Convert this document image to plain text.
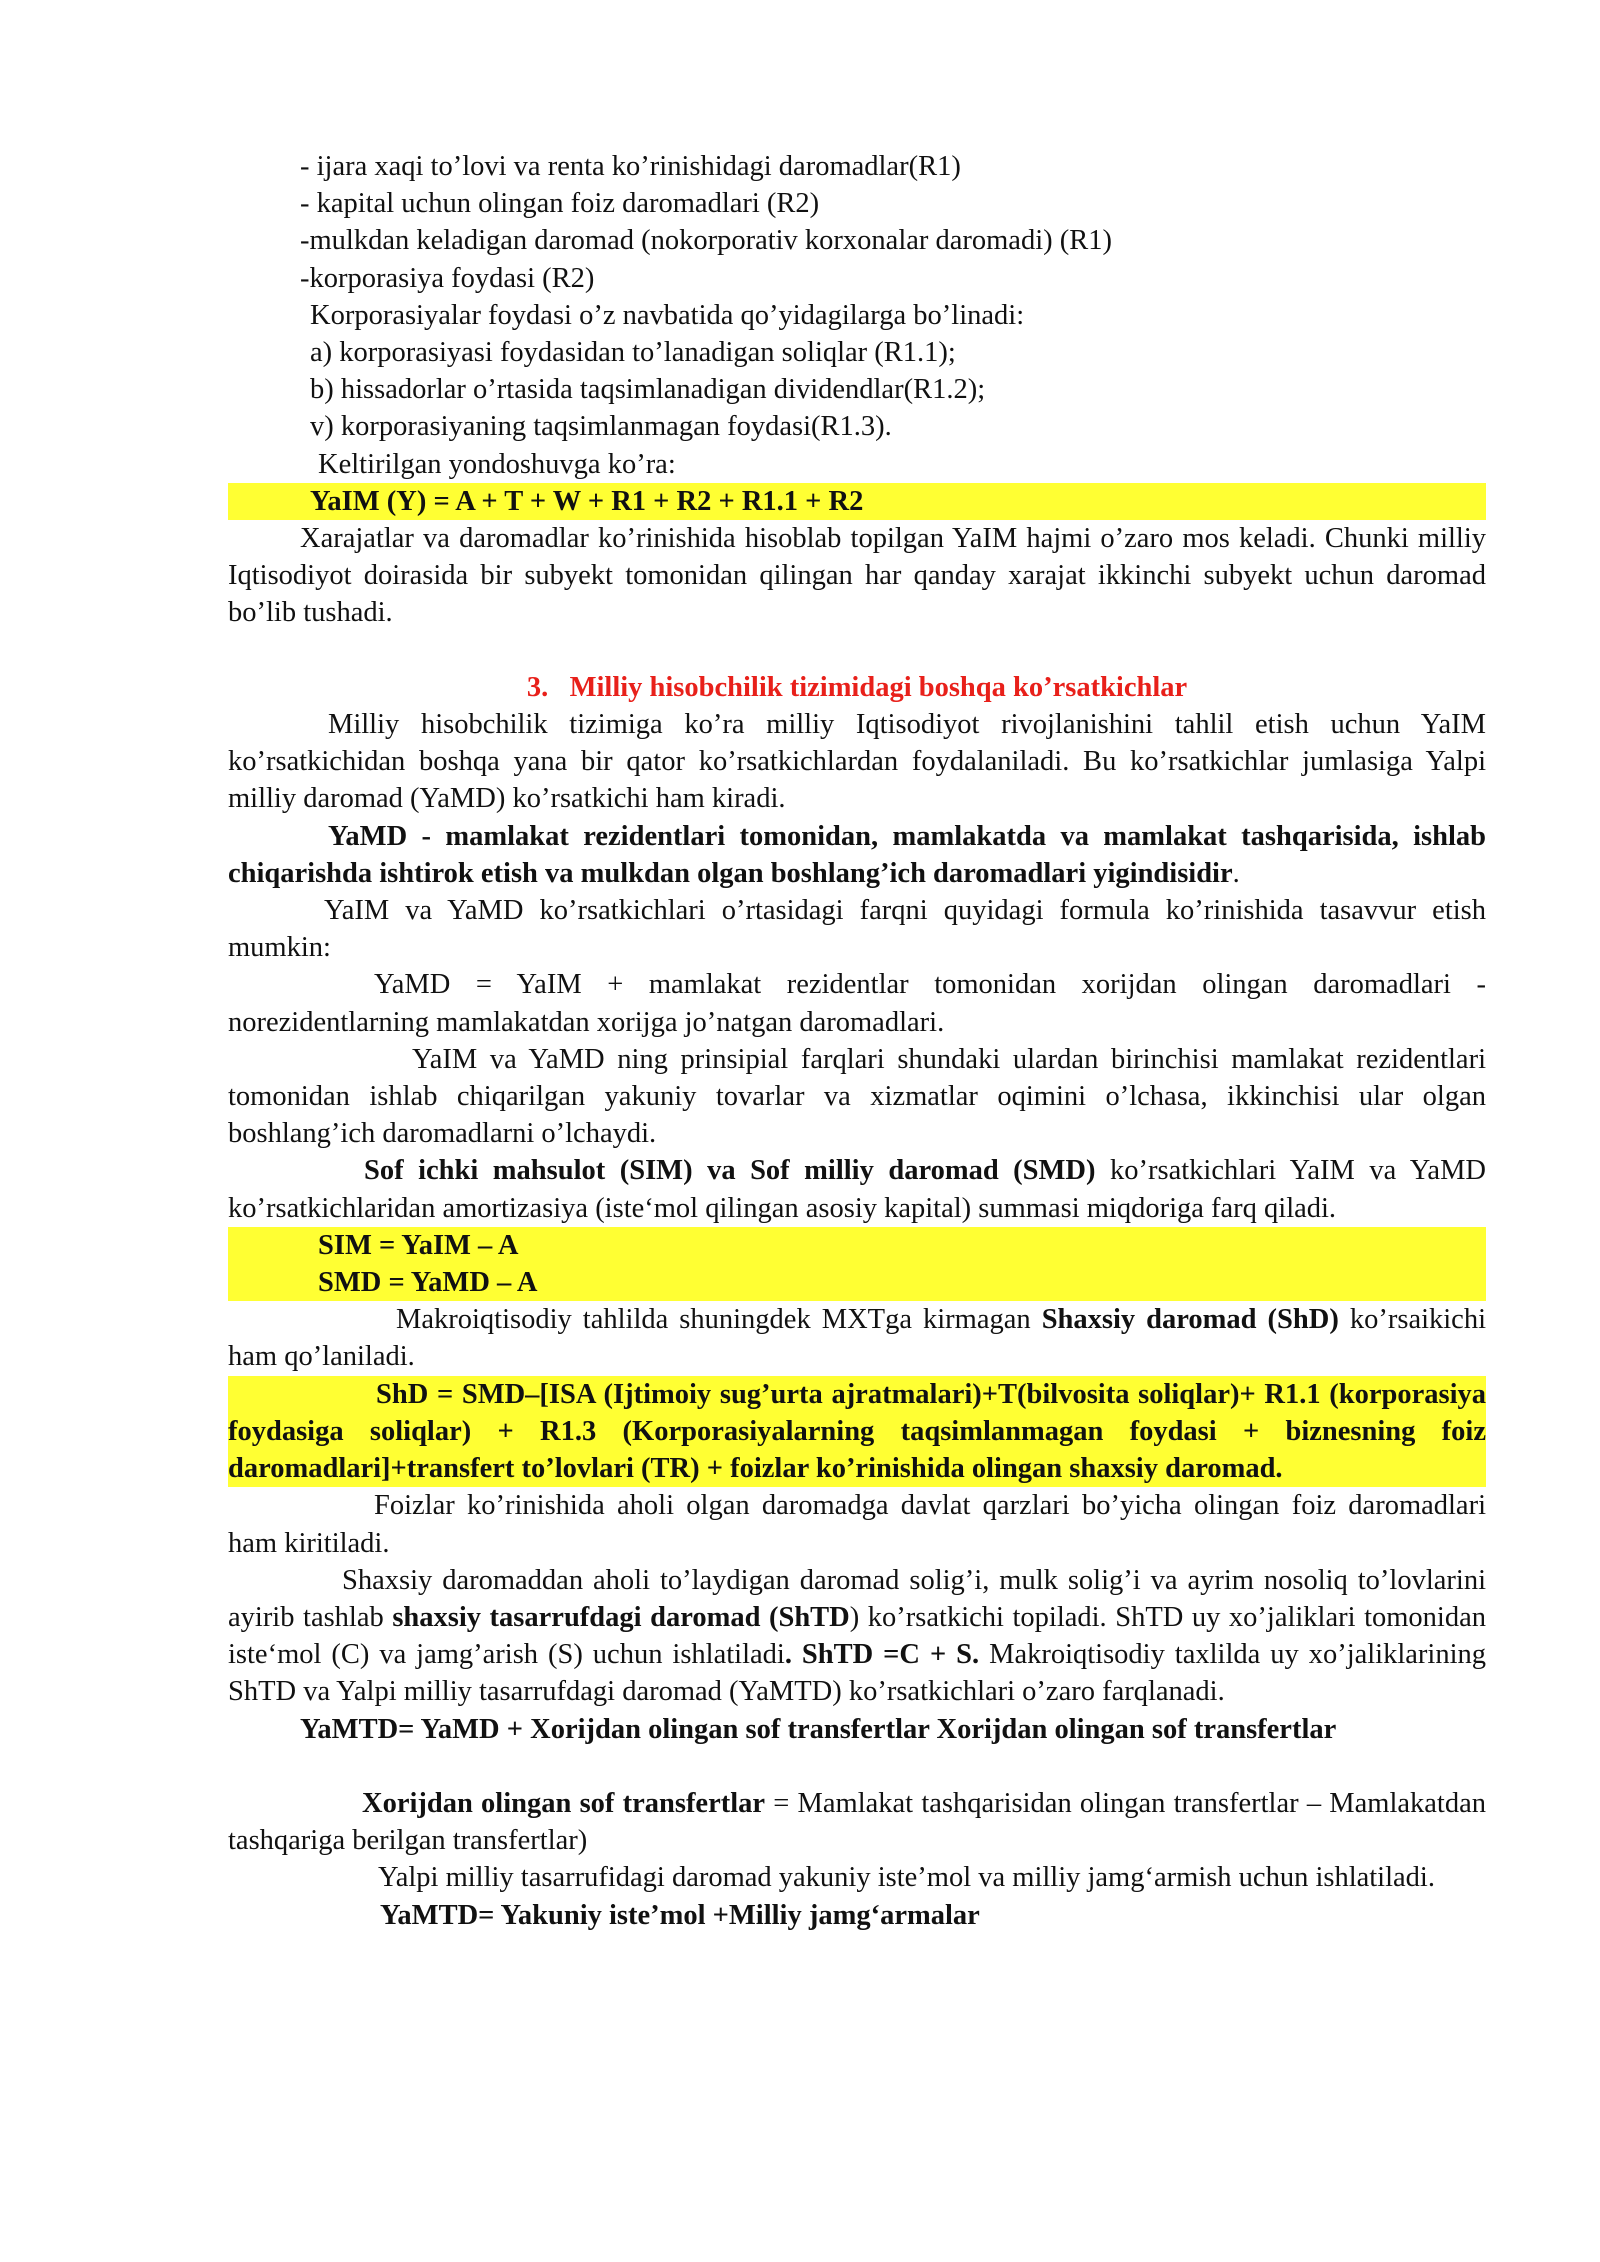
- ijara xaqi to’lovi va renta ko’rinishidagi daromadlar(R1)
- kapital uchun olingan foiz daromadlari (R2)
-mulkdan keladigan daromad (nokorporativ korxonalar daromadi) (R1)
-korporasiya foydasi (R2)
Korporasiyalar foydasi o’z navbatida qo’yidagilarga bo’linadi:
a) korporasiyasi foydasidan to’lanadigan soliqlar (R1.1);
b) hissadorlar o’rtasida taqsimlanadigan dividendlar(R1.2);
v) korporasiyaning taqsimlanmagan foydasi(R1.3).
Keltirilgan yondoshuvga ko’ra:
YaIM (Y) = A + T + W + R1 + R2 + R1.1 + R2

Xarajatlar va daromadlar ko’rinishida hisoblab topilgan YaIM hajmi o’zaro mos keladi. Chunki milliy Iqtisodiyot doirasida bir subyekt tomonidan qilingan har qanday xarajat ikkinchi subyekt uchun daromad bo’lib tushadi.

3. Milliy hisobchilik tizimidagi boshqa ko’rsatkichlar

Milliy hisobchilik tizimiga ko’ra milliy Iqtisodiyot rivojlanishini tahlil etish uchun YaIM ko’rsatkichidan boshqa yana bir qator ko’rsatkichlardan foydalaniladi. Bu ko’rsatkichlar jumlasiga Yalpi milliy daromad (YaMD) ko’rsatkichi ham kiradi.

YaMD - mamlakat rezidentlari tomonidan, mamlakatda va mamlakat tashqarisida, ishlab chiqarishda ishtirok etish va mulkdan olgan boshlang’ich daromadlari yigindisidir.

YaIM va YaMD ko’rsatkichlari o’rtasidagi farqni quyidagi formula ko’rinishida tasavvur etish mumkin:

YaMD = YaIM + mamlakat rezidentlar tomonidan xorijdan olingan daromadlari - norezidentlarning mamlakatdan xorijga jo’natgan daromadlari.

YaIM va YaMD ning prinsipial farqlari shundaki ulardan birinchisi mamlakat rezidentlari tomonidan ishlab chiqarilgan yakuniy tovarlar va xizmatlar oqimini o’lchasa, ikkinchisi ular olgan boshlang’ich daromadlarni o’lchaydi.

Sof ichki mahsulot (SIM) va Sof milliy daromad (SMD) ko’rsatkichlari YaIM va YaMD ko’rsatkichlaridan amortizasiya (iste‘mol qilingan asosiy kapital) summasi miqdoriga farq qiladi.

SIM = YaIM – A
SMD = YaMD – A

Makroiqtisodiy tahlilda shuningdek MXTga kirmagan Shaxsiy daromad (ShD) ko’rsaikichi ham qo’laniladi.

ShD = SMD–[ISA (Ijtimoiy sug’urta ajratmalari)+T(bilvosita soliqlar)+ R1.1 (korporasiya foydasiga soliqlar) + R1.3 (Korporasiyalarning taqsimlanmagan foydasi + biznesning foiz daromadlari]+transfert to’lovlari (TR) + foizlar ko’rinishida olingan shaxsiy daromad.

Foizlar ko’rinishida aholi olgan daromadga davlat qarzlari bo’yicha olingan foiz daromadlari ham kiritiladi.

Shaxsiy daromaddan aholi to’laydigan daromad solig’i, mulk solig’i va ayrim nosoliq to’lovlarini ayirib tashlab shaxsiy tasarrufdagi daromad (ShTD) ko’rsatkichi topiladi. ShTD uy xo’jaliklari tomonidan iste‘mol (C) va jamg’arish (S) uchun ishlatiladi. ShTD =C + S. Makroiqtisodiy taxlilda uy xo’jaliklarining ShTD va Yalpi milliy tasarrufdagi daromad (YaMTD) ko’rsatkichlari o’zaro farqlanadi.

YaMTD= YaMD + Xorijdan olingan sof transfertlar Xorijdan olingan sof transfertlar

Xorijdan olingan sof transfertlar = Mamlakat tashqarisidan olingan transfertlar – Mamlakatdan tashqariga berilgan transfertlar)

Yalpi milliy tasarrufidagi daromad yakuniy iste’mol va milliy jamg‘armish uchun ishlatiladi.

YaMTD= Yakuniy iste’mol +Milliy jamg‘armalar
